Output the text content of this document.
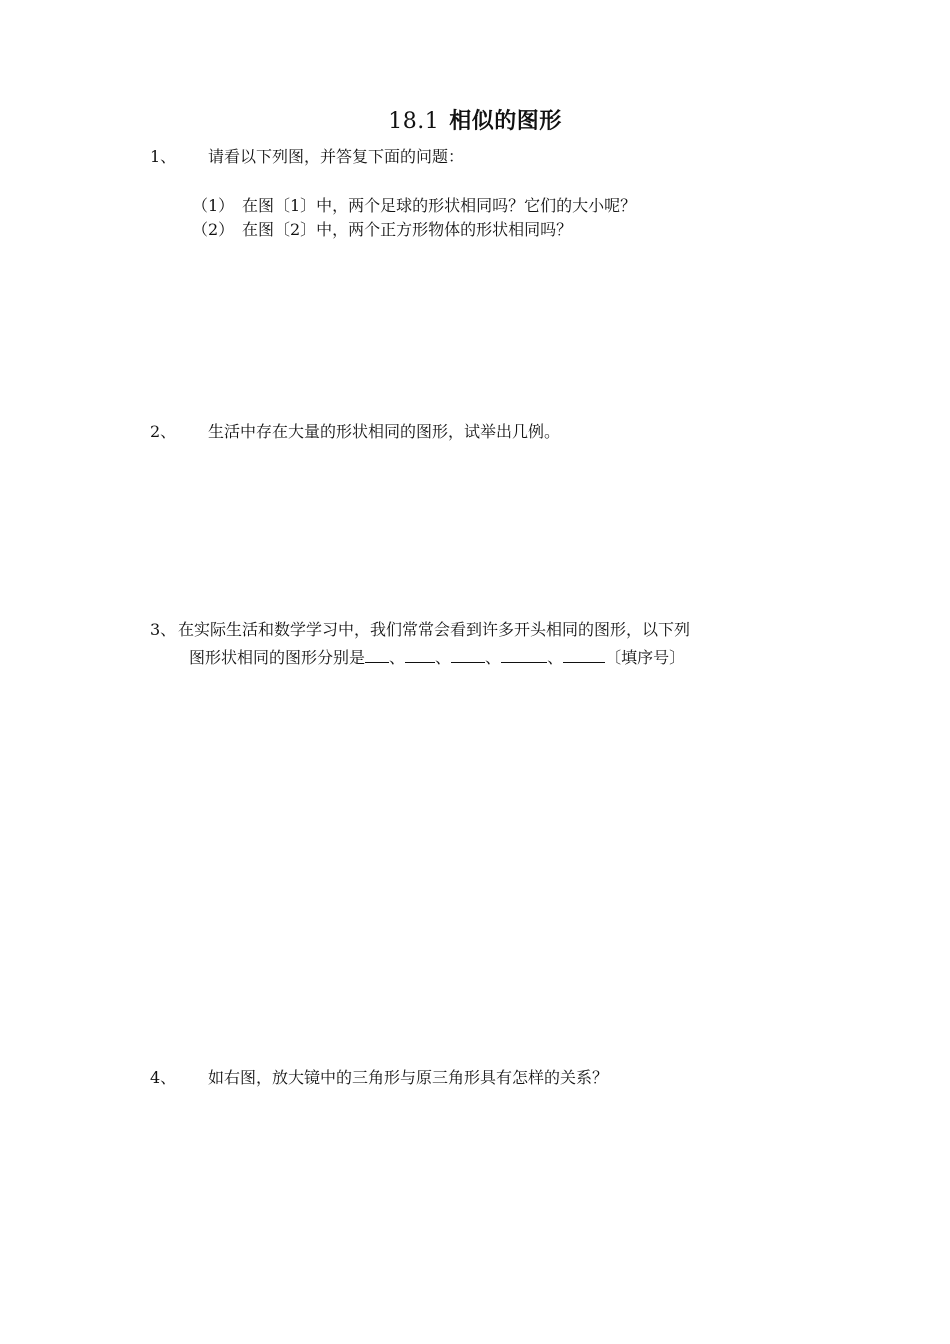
18.1 相似的图形
1、 请看以下列图，并答复下面的问题：
（1） 在图〔1〕中，两个足球的形状相同吗？它们的大小呢？
（2） 在图〔2〕中，两个正方形物体的形状相同吗？
2、 生活中存在大量的形状相同的图形，试举出几例。
3、 在实际生活和数学学习中，我们常常会看到许多开头相同的图形，以下列
图形状相同的图形分别是 、 、 、	、	〔填序号〕
4、 如右图，放大镜中的三角形与原三角形具有怎样的关系？
